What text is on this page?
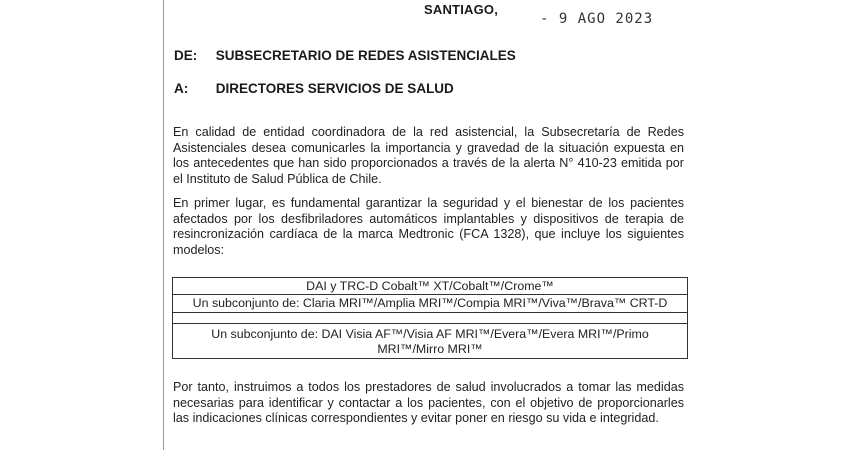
SANTIAGO,
- 9 AGO 2023
DE: SUBSECRETARIO DE REDES ASISTENCIALES
A: DIRECTORES SERVICIOS DE SALUD
En calidad de entidad coordinadora de la red asistencial, la Subsecretaría de Redes Asistenciales desea comunicarles la importancia y gravedad de la situación expuesta en los antecedentes que han sido proporcionados a través de la alerta N° 410-23 emitida por el Instituto de Salud Pública de Chile.
En primer lugar, es fundamental garantizar la seguridad y el bienestar de los pacientes afectados por los desfibriladores automáticos implantables y dispositivos de terapia de resincronización cardíaca de la marca Medtronic (FCA 1328), que incluye los siguientes modelos:
DAI y TRC-D Cobalt™ XT/Cobalt™/Crome™
Un subconjunto de: Claria MRI™/Amplia MRI™/Compia MRI™/Viva™/Brava™ CRT-D

Un subconjunto de: DAI Visia AF™/Visia AF MRI™/Evera™/Evera MRI™/Primo MRI™/Mirro MRI™
Por tanto, instruimos a todos los prestadores de salud involucrados a tomar las medidas necesarias para identificar y contactar a los pacientes, con el objetivo de proporcionarles las indicaciones clínicas correspondientes y evitar poner en riesgo su vida e integridad.
